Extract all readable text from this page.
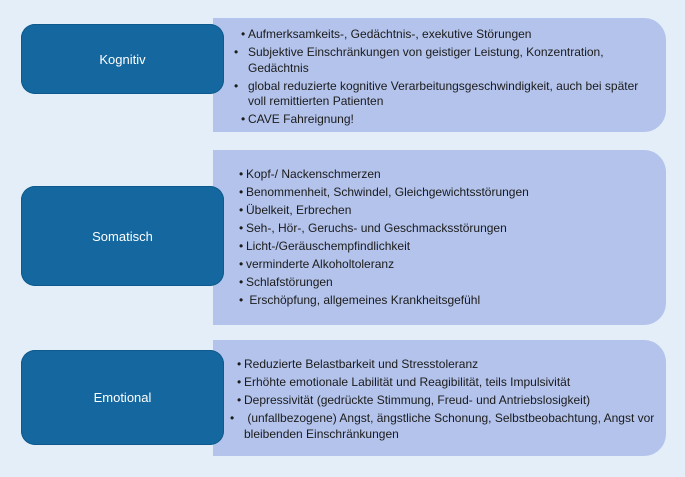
• Aufmerksamkeits-, Gedächtnis-, exekutive Störungen
• Subjektive Einschränkungen von geistiger Leistung, Konzentration, Gedächtnis
• global reduzierte kognitive Verarbeitungsgeschwindigkeit, auch bei später voll remittierten Patienten
• CAVE Fahreignung!
Kognitiv
• Kopf-/ Nackenschmerzen
• Benommenheit, Schwindel, Gleichgewichtsstörungen
• Übelkeit, Erbrechen
• Seh-, Hör-, Geruchs- und Geschmacksstörungen
• Licht-/Geräuschempfindlichkeit
• verminderte Alkoholtoleranz
• Schlafstörungen
• Erschöpfung, allgemeines Krankheitsgefühl
Somatisch
• Reduzierte Belastbarkeit und Stresstoleranz
• Erhöhte emotionale Labilität und Reagibilität, teils Impulsivität
• Depressivität (gedrückte Stimmung, Freud- und Antriebslosigkeit)
• (unfallbezogene) Angst, ängstliche Schonung, Selbstbeobachtung, Angst vor bleibenden Einschränkungen
Emotional
